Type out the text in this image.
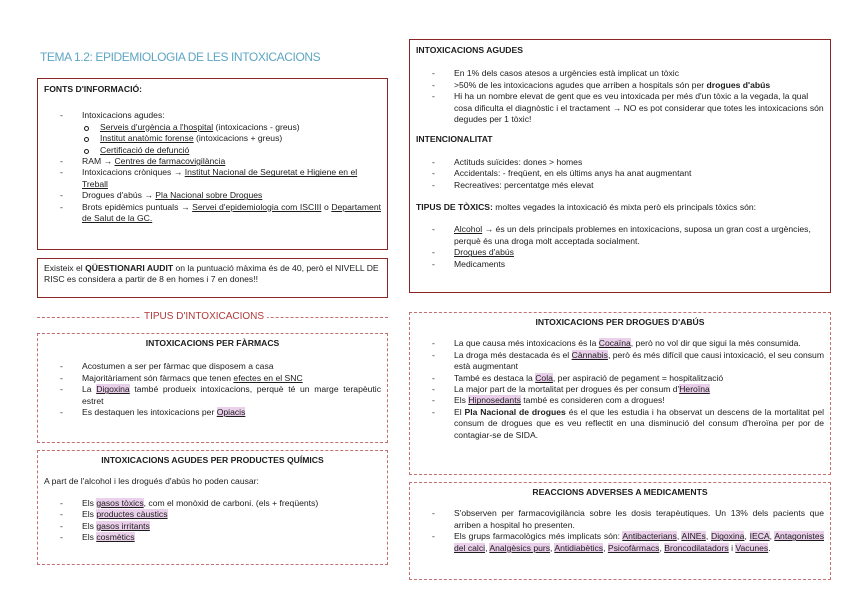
TEMA 1.2: EPIDEMIOLOGIA DE LES INTOXICACIONS
FONTS D'INFORMACIÓ:
- Intoxicacions agudes:
Serveis d'urgència a l'hospital (intoxicacions - greus)
Institut anatòmic forense (intoxicacions + greus)
Certificació de defunció
- RAM → Centres de farmacovigilància
- Intoxicacions cròniques → Institut Nacional de Seguretat e Higiene en el Treball
- Drogues d'abús → Pla Nacional sobre Drogues
- Brots epidèmics puntuals → Servei d'epidemiologia com ISCIII o Departament de Salut de la GC.
Existeix el QÜESTIONARI AUDIT on la puntuació màxima és de 40, però el NIVELL DE RISC es considera a partir de 8 en homes i 7 en dones!!
TIPUS D'INTOXICACIONS
INTOXICACIONS PER FÀRMACS
- Acostumen a ser per fàrmac que disposem a casa
- Majoritàriament són fàrmacs que tenen efectes en el SNC
- La Digoxina també produeix intoxicacions, perquè té un marge terapèutic estret
- Es destaquen les intoxicacions per Opiacis
INTOXICACIONS AGUDES PER PRODUCTES QUÍMICS
A part de l'alcohol i les drogués d'abús ho poden causar:
- Els gasos tòxics, com el monòxid de carboni. (els + freqüents)
- Els productes càustics
- Els gasos irritants
- Els cosmètics
INTOXICACIONS AGUDES
- En 1% dels casos atesos a urgències està implicat un tòxic
- >50% de les intoxicacions agudes que arriben a hospitals són per drogues d'abús
- Hi ha un nombre elevat de gent que es veu intoxicada per més d'un tòxic a la vegada, la qual cosa dificulta el diagnòstic i el tractament → NO es pot considerar que totes les intoxicacions són degudes per 1 tòxic!
INTENCIONALITAT
- Actituds suïcides: dones > homes
- Accidentals: - freqüent, en els últims anys ha anat augmentant
- Recreatives: percentatge més elevat
TIPUS DE TÒXICS: moltes vegades la intoxicació és mixta però els principals tòxics són:
- Alcohol → és un dels principals problemes en intoxicacions, suposa un gran cost a urgències, perquè és una droga molt acceptada socialment.
- Drogues d'abús
- Medicaments
INTOXICACIONS PER DROGUES D'ABÚS
- La que causa més intoxicacions és la Cocaïna, però no vol dir que sigui la més consumida.
- La droga més destacada és el Cànnabis, però és més difícil que causi intoxicació, el seu consum està augmentant
- També es destaca la Cola, per aspiració de pegament = hospitalització
- La major part de la mortalitat per drogues és per consum d'Heroïna
- Els Hipnosedants també es consideren com a drogues!
- El Pla Nacional de drogues és el que les estudia i ha observat un descens de la mortalitat pel consum de drogues que es veu reflectit en una disminució del consum d'heroïna per por de contagiar-se de SIDA.
REACCIONS ADVERSES A MEDICAMENTS
- S'observen per farmacovigilància sobre les dosis terapèutiques. Un 13% dels pacients que arriben a hospital ho presenten.
- Els grups farmacològics més implicats són: Antibacterians, AINEs, Digoxina, IECA, Antagonistes del calci, Analgèsics purs, Antidiabètics, Psicofàrmacs, Broncodilatadors i Vacunes.
